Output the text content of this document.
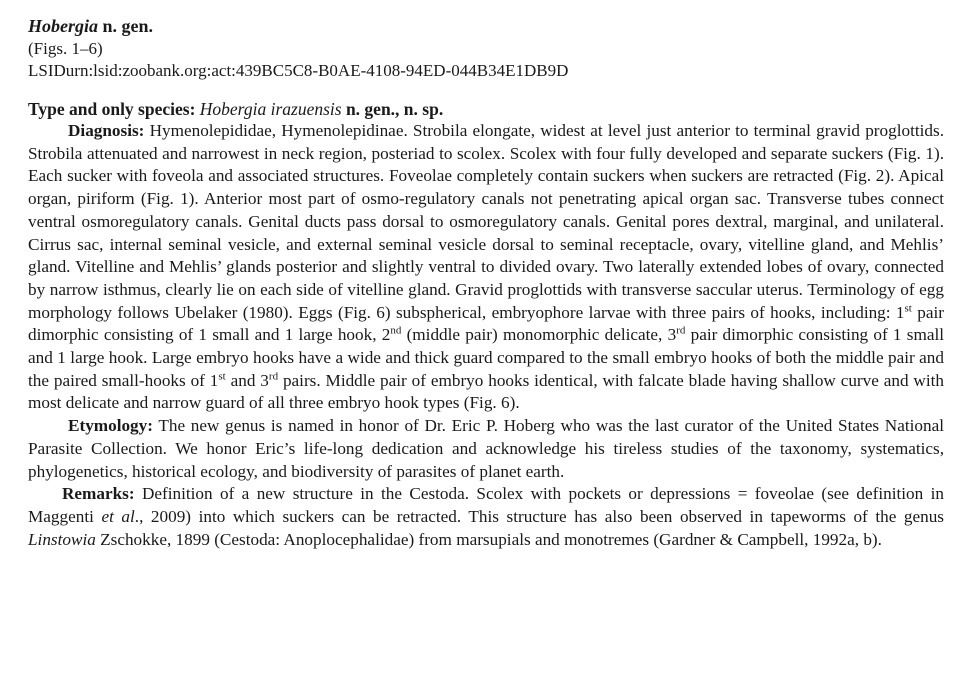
Hobergia n. gen.
(Figs. 1–6)
LSIDurn:lsid:zoobank.org:act:439BC5C8-B0AE-4108-94ED-044B34E1DB9D
Type and only species: Hobergia irazuensis n. gen., n. sp.

Diagnosis: Hymenolepididae, Hymenolepidinae. Strobila elongate, widest at level just anterior to terminal gravid proglottids. Strobila attenuated and narrowest in neck region, posteriad to scolex. Scolex with four fully developed and separate suckers (Fig. 1). Each sucker with foveola and associated structures. Foveolae completely contain suckers when suckers are retracted (Fig. 2). Apical organ, piriform (Fig. 1). Anterior most part of osmo-regulatory canals not penetrating apical organ sac. Transverse tubes connect ventral osmoregulatory canals. Genital ducts pass dorsal to osmoregulatory canals. Genital pores dextral, marginal, and unilateral. Cirrus sac, internal seminal vesicle, and external seminal vesicle dorsal to seminal receptacle, ovary, vitelline gland, and Mehlis’ gland. Vitelline and Mehlis’ glands posterior and slightly ventral to divided ovary. Two laterally extended lobes of ovary, connected by narrow isthmus, clearly lie on each side of vitelline gland. Gravid proglottids with transverse saccular uterus. Terminology of egg morphology follows Ubelaker (1980). Eggs (Fig. 6) subspherical, embryophore larvae with three pairs of hooks, including: 1st pair dimorphic consisting of 1 small and 1 large hook, 2nd (middle pair) monomorphic delicate, 3rd pair dimorphic consisting of 1 small and 1 large hook. Large embryo hooks have a wide and thick guard compared to the small embryo hooks of both the middle pair and the paired small-hooks of 1st and 3rd pairs. Middle pair of embryo hooks identical, with falcate blade having shallow curve and with most delicate and narrow guard of all three embryo hook types (Fig. 6).

Etymology: The new genus is named in honor of Dr. Eric P. Hoberg who was the last curator of the United States National Parasite Collection. We honor Eric’s life-long dedication and acknowledge his tireless studies of the taxonomy, systematics, phylogenetics, historical ecology, and biodiversity of parasites of planet earth.

Remarks: Definition of a new structure in the Cestoda. Scolex with pockets or depressions = foveolae (see definition in Maggenti et al., 2009) into which suckers can be retracted. This structure has also been observed in tapeworms of the genus Linstowia Zschokke, 1899 (Cestoda: Anoplocephalidae) from marsupials and monotremes (Gardner & Campbell, 1992a, b).
